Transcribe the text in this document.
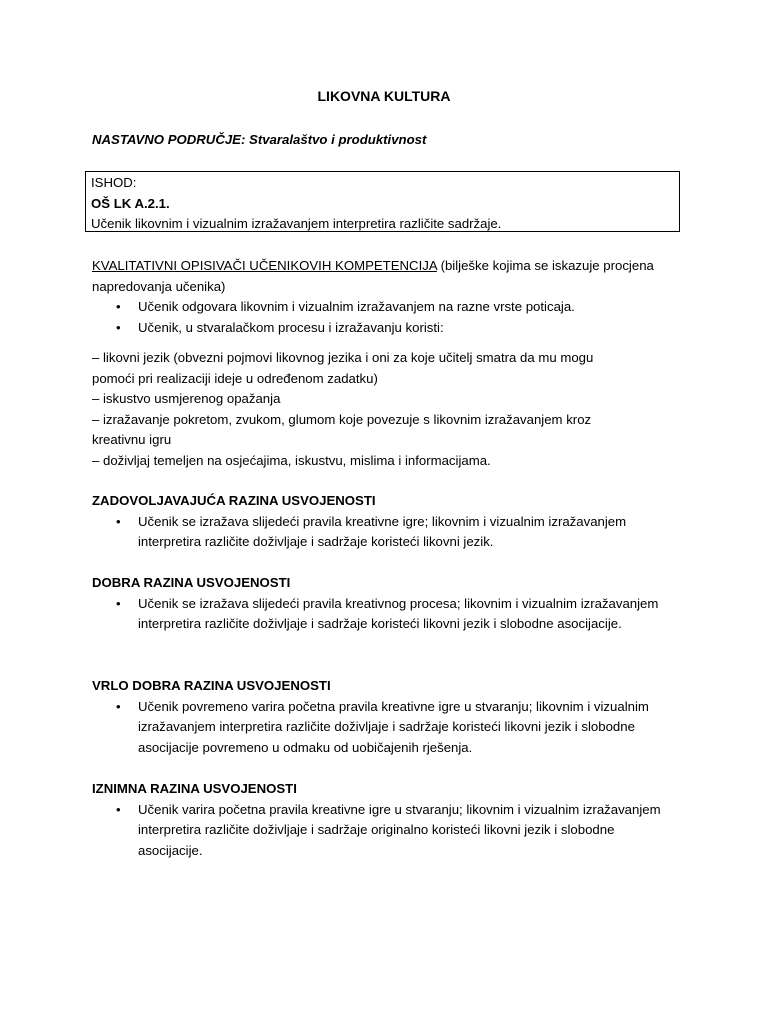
LIKOVNA KULTURA
NASTAVNO PODRUČJE: Stvaralaštvo i produktivnost
ISHOD:
OŠ LK A.2.1.
Učenik likovnim i vizualnim izražavanjem interpretira različite sadržaje.
KVALITATIVNI OPISIVAČI UČENIKOVIH KOMPETENCIJA (bilješke kojima se iskazuje procjena
napredovanja učenika)
• Učenik odgovara likovnim i vizualnim izražavanjem na razne vrste poticaja.
• Učenik, u stvaralačkom procesu i izražavanju koristi:
– likovni jezik (obvezni pojmovi likovnog jezika i oni za koje učitelj smatra da mu mogu
pomoći pri realizaciji ideje u određenom zadatku)
– iskustvo usmjerenog opažanja
– izražavanje pokretom, zvukom, glumom koje povezuje s likovnim izražavanjem kroz
kreativnu igru
– doživljaj temeljen na osjećajima, iskustvu, mislima i informacijama.
ZADOVOLJAVAJUĆA RAZINA USVOJENOSTI
• Učenik se izražava slijedeći pravila kreativne igre; likovnim i vizualnim izražavanjem interpretira različite doživljaje i sadržaje koristeći likovni jezik.
DOBRA RAZINA USVOJENOSTI
• Učenik se izražava slijedeći pravila kreativnog procesa; likovnim i vizualnim izražavanjem interpretira različite doživljaje i sadržaje koristeći likovni jezik i slobodne asocijacije.
VRLO DOBRA RAZINA USVOJENOSTI
• Učenik povremeno varira početna pravila kreativne igre u stvaranju; likovnim i vizualnim izražavanjem interpretira različite doživljaje i sadržaje koristeći likovni jezik i slobodne asocijacije povremeno u odmaku od uobičajenih rješenja.
IZNIMNA RAZINA USVOJENOSTI
• Učenik varira početna pravila kreativne igre u stvaranju; likovnim i vizualnim izražavanjem interpretira različite doživljaje i sadržaje originalno koristeći likovni jezik i slobodne asocijacije.
